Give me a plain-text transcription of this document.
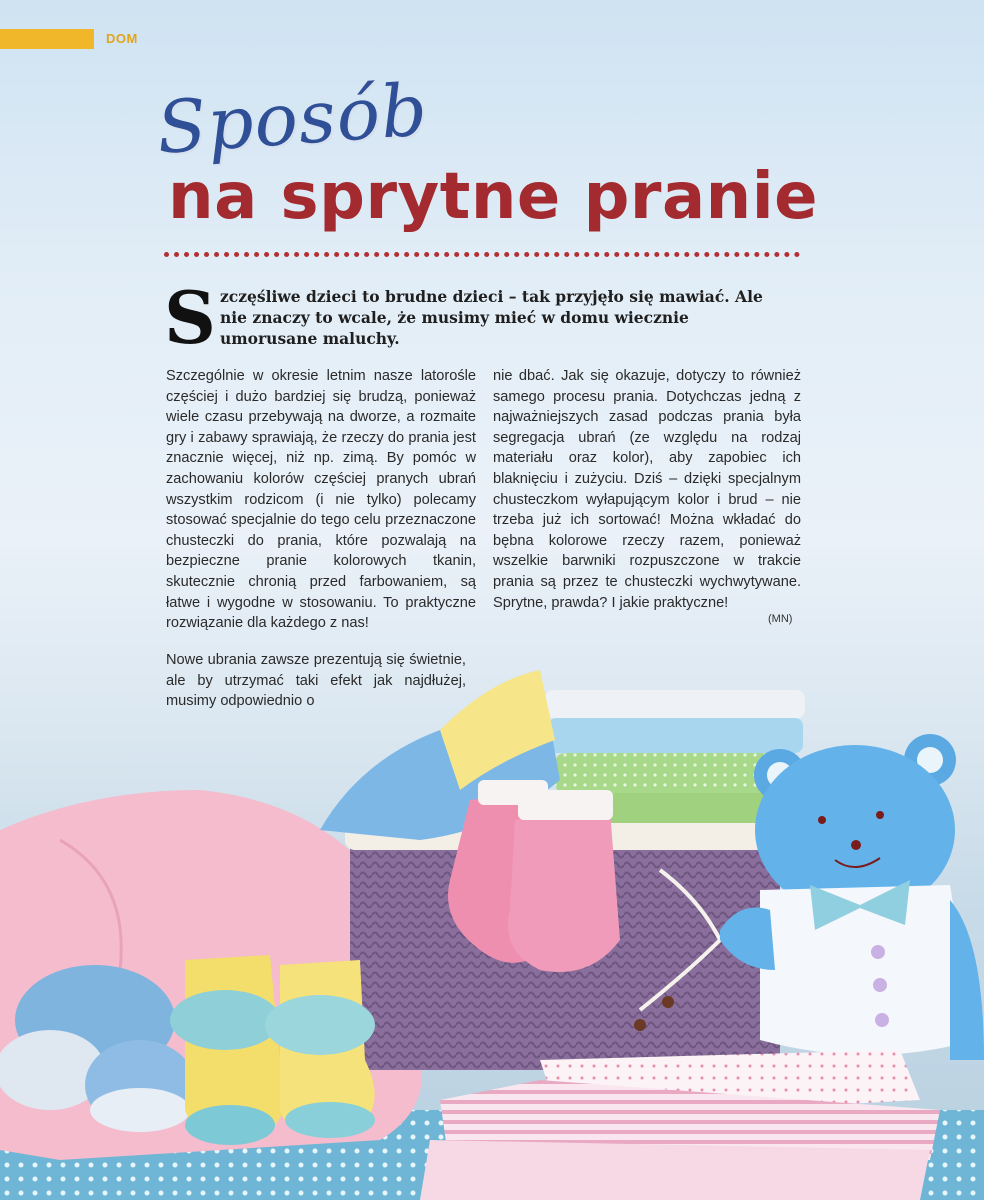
DOM
Sposób
na sprytne pranie
Szczęśliwe dzieci to brudne dzieci – tak przyjęło się mawiać. Ale nie znaczy to wcale, że musimy mieć w domu wiecznie umorusane maluchy.
Szczególnie w okresie letnim nasze latorośle częściej i dużo bardziej się brudzą, ponieważ wiele czasu przebywają na dworze, a rozmaite gry i zabawy sprawiają, że rzeczy do prania jest znacznie więcej, niż np. zimą. By pomóc w zachowaniu kolorów częściej pranych ubrań wszystkim rodzicom (i nie tylko) polecamy stosować specjalnie do tego celu przeznaczone chusteczki do prania, które pozwalają na bezpieczne pranie kolorowych tkanin, skutecznie chronią przed farbowaniem, są łatwe i wygodne w stosowaniu. To praktyczne rozwiązanie dla każdego z nas!
Nowe ubrania zawsze prezentują się świetnie, ale by utrzymać taki efekt jak najdłużej, musimy odpowiednio o
nie dbać. Jak się okazuje, dotyczy to również samego procesu prania. Dotychczas jedną z najważniejszych zasad podczas prania była segregacja ubrań (ze względu na rodzaj materiału oraz kolor), aby zapobiec ich blaknięciu i zużyciu. Dziś – dzięki specjalnym chusteczkom wyłapującym kolor i brud – nie trzeba już ich sortować! Można wkładać do bębna kolorowe rzeczy razem, ponieważ wszelkie barwniki rozpuszczone w trakcie prania są przez te chusteczki wychwytywane. Sprytne, prawda? I jakie praktyczne!
(MN)
